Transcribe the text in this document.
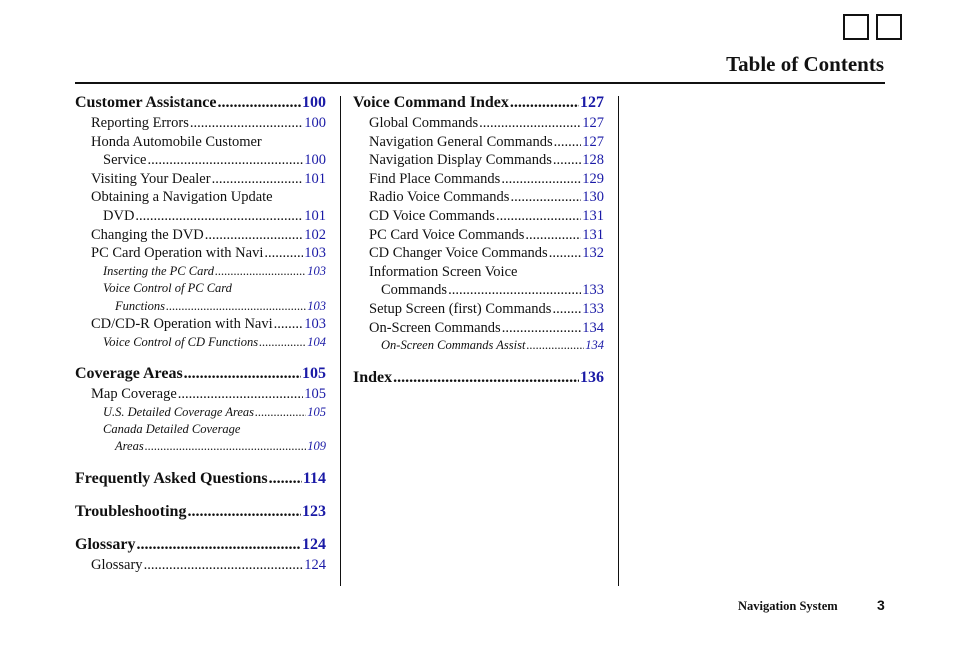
Table of Contents
Customer Assistance .....	100
Reporting Errors .....	100
Honda Automobile Customer
Service .....	100
Visiting Your Dealer .....	101
Obtaining a Navigation Update
DVD .....	101
Changing the DVD .....	102
PC Card Operation with Navi .....	103
Inserting the PC Card .....	103
Voice Control of PC Card
Functions .....	103
CD/CD-R Operation with Navi ..... 103
Voice Control of CD Functions .....	104
Coverage Areas .....	105
Map Coverage .....	105
U.S. Detailed Coverage Areas .....	105
Canada Detailed Coverage
Areas .....	109
Frequently Asked Questions ..... 114
Troubleshooting .....	123
Glossary .....	124
Glossary .....	124
Voice Command Index .....	127
Global Commands .....	127
Navigation General Commands ..... 127
Navigation Display Commands ..... 128
Find Place Commands .....	129
Radio Voice Commands .....	130
CD Voice Commands .....	131
PC Card Voice Commands .....	131
CD Changer Voice Commands ..... 132
Information Screen Voice
Commands .....	133
Setup Screen (first) Commands ..... 133
On-Screen Commands .....	134
On-Screen Commands Assist .....	134
Index .....	136
Navigation System	3
